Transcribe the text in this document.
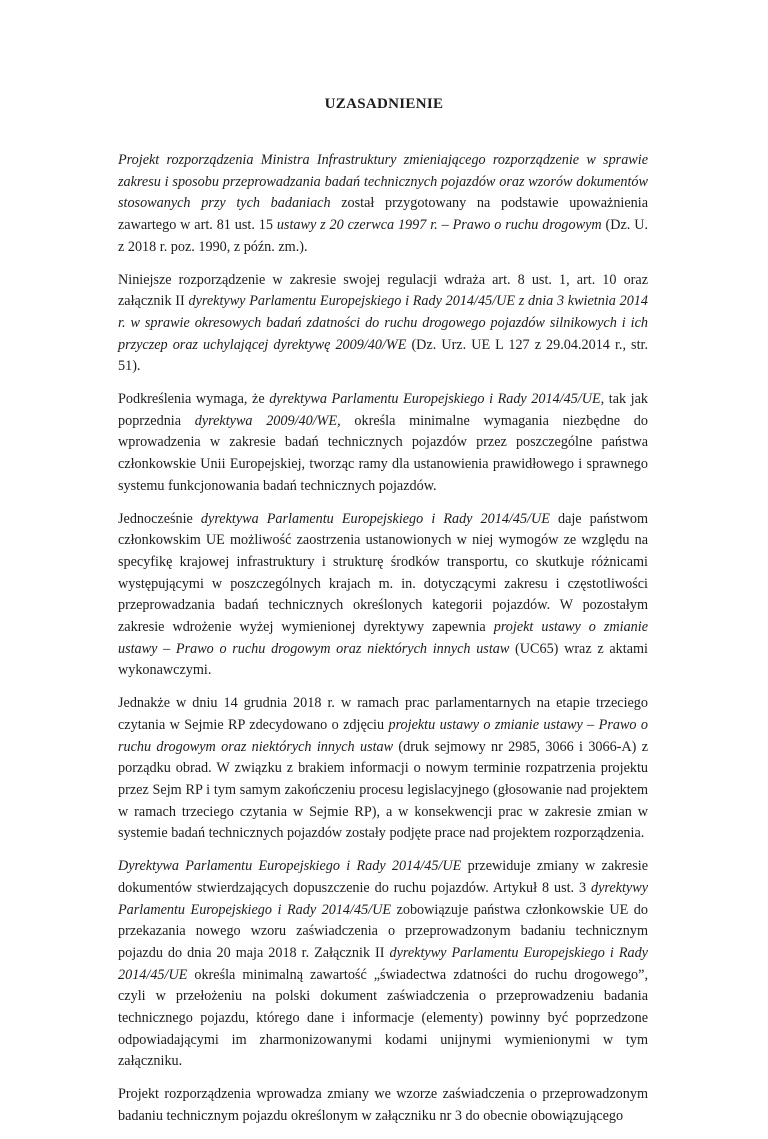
UZASADNIENIE

Projekt rozporządzenia Ministra Infrastruktury zmieniającego rozporządzenie w sprawie zakresu i sposobu przeprowadzania badań technicznych pojazdów oraz wzorów dokumentów stosowanych przy tych badaniach został przygotowany na podstawie upoważnienia zawartego w art. 81 ust. 15 ustawy z 20 czerwca 1997 r. – Prawo o ruchu drogowym (Dz. U. z 2018 r. poz. 1990, z późn. zm.).

Niniejsze rozporządzenie w zakresie swojej regulacji wdraża art. 8 ust. 1, art. 10 oraz załącznik II dyrektywy Parlamentu Europejskiego i Rady 2014/45/UE z dnia 3 kwietnia 2014 r. w sprawie okresowych badań zdatności do ruchu drogowego pojazdów silnikowych i ich przyczep oraz uchylającej dyrektywę 2009/40/WE (Dz. Urz. UE L 127 z 29.04.2014 r., str. 51).

Podkreślenia wymaga, że dyrektywa Parlamentu Europejskiego i Rady 2014/45/UE, tak jak poprzednia dyrektywa 2009/40/WE, określa minimalne wymagania niezbędne do wprowadzenia w zakresie badań technicznych pojazdów przez poszczególne państwa członkowskie Unii Europejskiej, tworząc ramy dla ustanowienia prawidłowego i sprawnego systemu funkcjonowania badań technicznych pojazdów.

Jednocześnie dyrektywa Parlamentu Europejskiego i Rady 2014/45/UE daje państwom członkowskim UE możliwość zaostrzenia ustanowionych w niej wymogów ze względu na specyfikę krajowej infrastruktury i strukturę środków transportu, co skutkuje różnicami występującymi w poszczególnych krajach m. in. dotyczącymi zakresu i częstotliwości przeprowadzania badań technicznych określonych kategorii pojazdów. W pozostałym zakresie wdrożenie wyżej wymienionej dyrektywy zapewnia projekt ustawy o zmianie ustawy – Prawo o ruchu drogowym oraz niektórych innych ustaw (UC65) wraz z aktami wykonawczymi.

Jednakże w dniu 14 grudnia 2018 r. w ramach prac parlamentarnych na etapie trzeciego czytania w Sejmie RP zdecydowano o zdjęciu projektu ustawy o zmianie ustawy – Prawo o ruchu drogowym oraz niektórych innych ustaw (druk sejmowy nr 2985, 3066 i 3066-A) z porządku obrad. W związku z brakiem informacji o nowym terminie rozpatrzenia projektu przez Sejm RP i tym samym zakończeniu procesu legislacyjnego (głosowanie nad projektem w ramach trzeciego czytania w Sejmie RP), a w konsekwencji prac w zakresie zmian w systemie badań technicznych pojazdów zostały podjęte prace nad projektem rozporządzenia.

Dyrektywa Parlamentu Europejskiego i Rady 2014/45/UE przewiduje zmiany w zakresie dokumentów stwierdzających dopuszczenie do ruchu pojazdów. Artykuł 8 ust. 3 dyrektywy Parlamentu Europejskiego i Rady 2014/45/UE zobowiązuje państwa członkowskie UE do przekazania nowego wzoru zaświadczenia o przeprowadzonym badaniu technicznym pojazdu do dnia 20 maja 2018 r. Załącznik II dyrektywy Parlamentu Europejskiego i Rady 2014/45/UE określa minimalną zawartość „świadectwa zdatności do ruchu drogowego”, czyli w przełożeniu na polski dokument zaświadczenia o przeprowadzeniu badania technicznego pojazdu, którego dane i informacje (elementy) powinny być poprzedzone odpowiadającymi im zharmonizowanymi kodami unijnymi wymienionymi w tym załączniku.

Projekt rozporządzenia wprowadza zmiany we wzorze zaświadczenia o przeprowadzonym badaniu technicznym pojazdu określonym w załączniku nr 3 do obecnie obowiązującego
